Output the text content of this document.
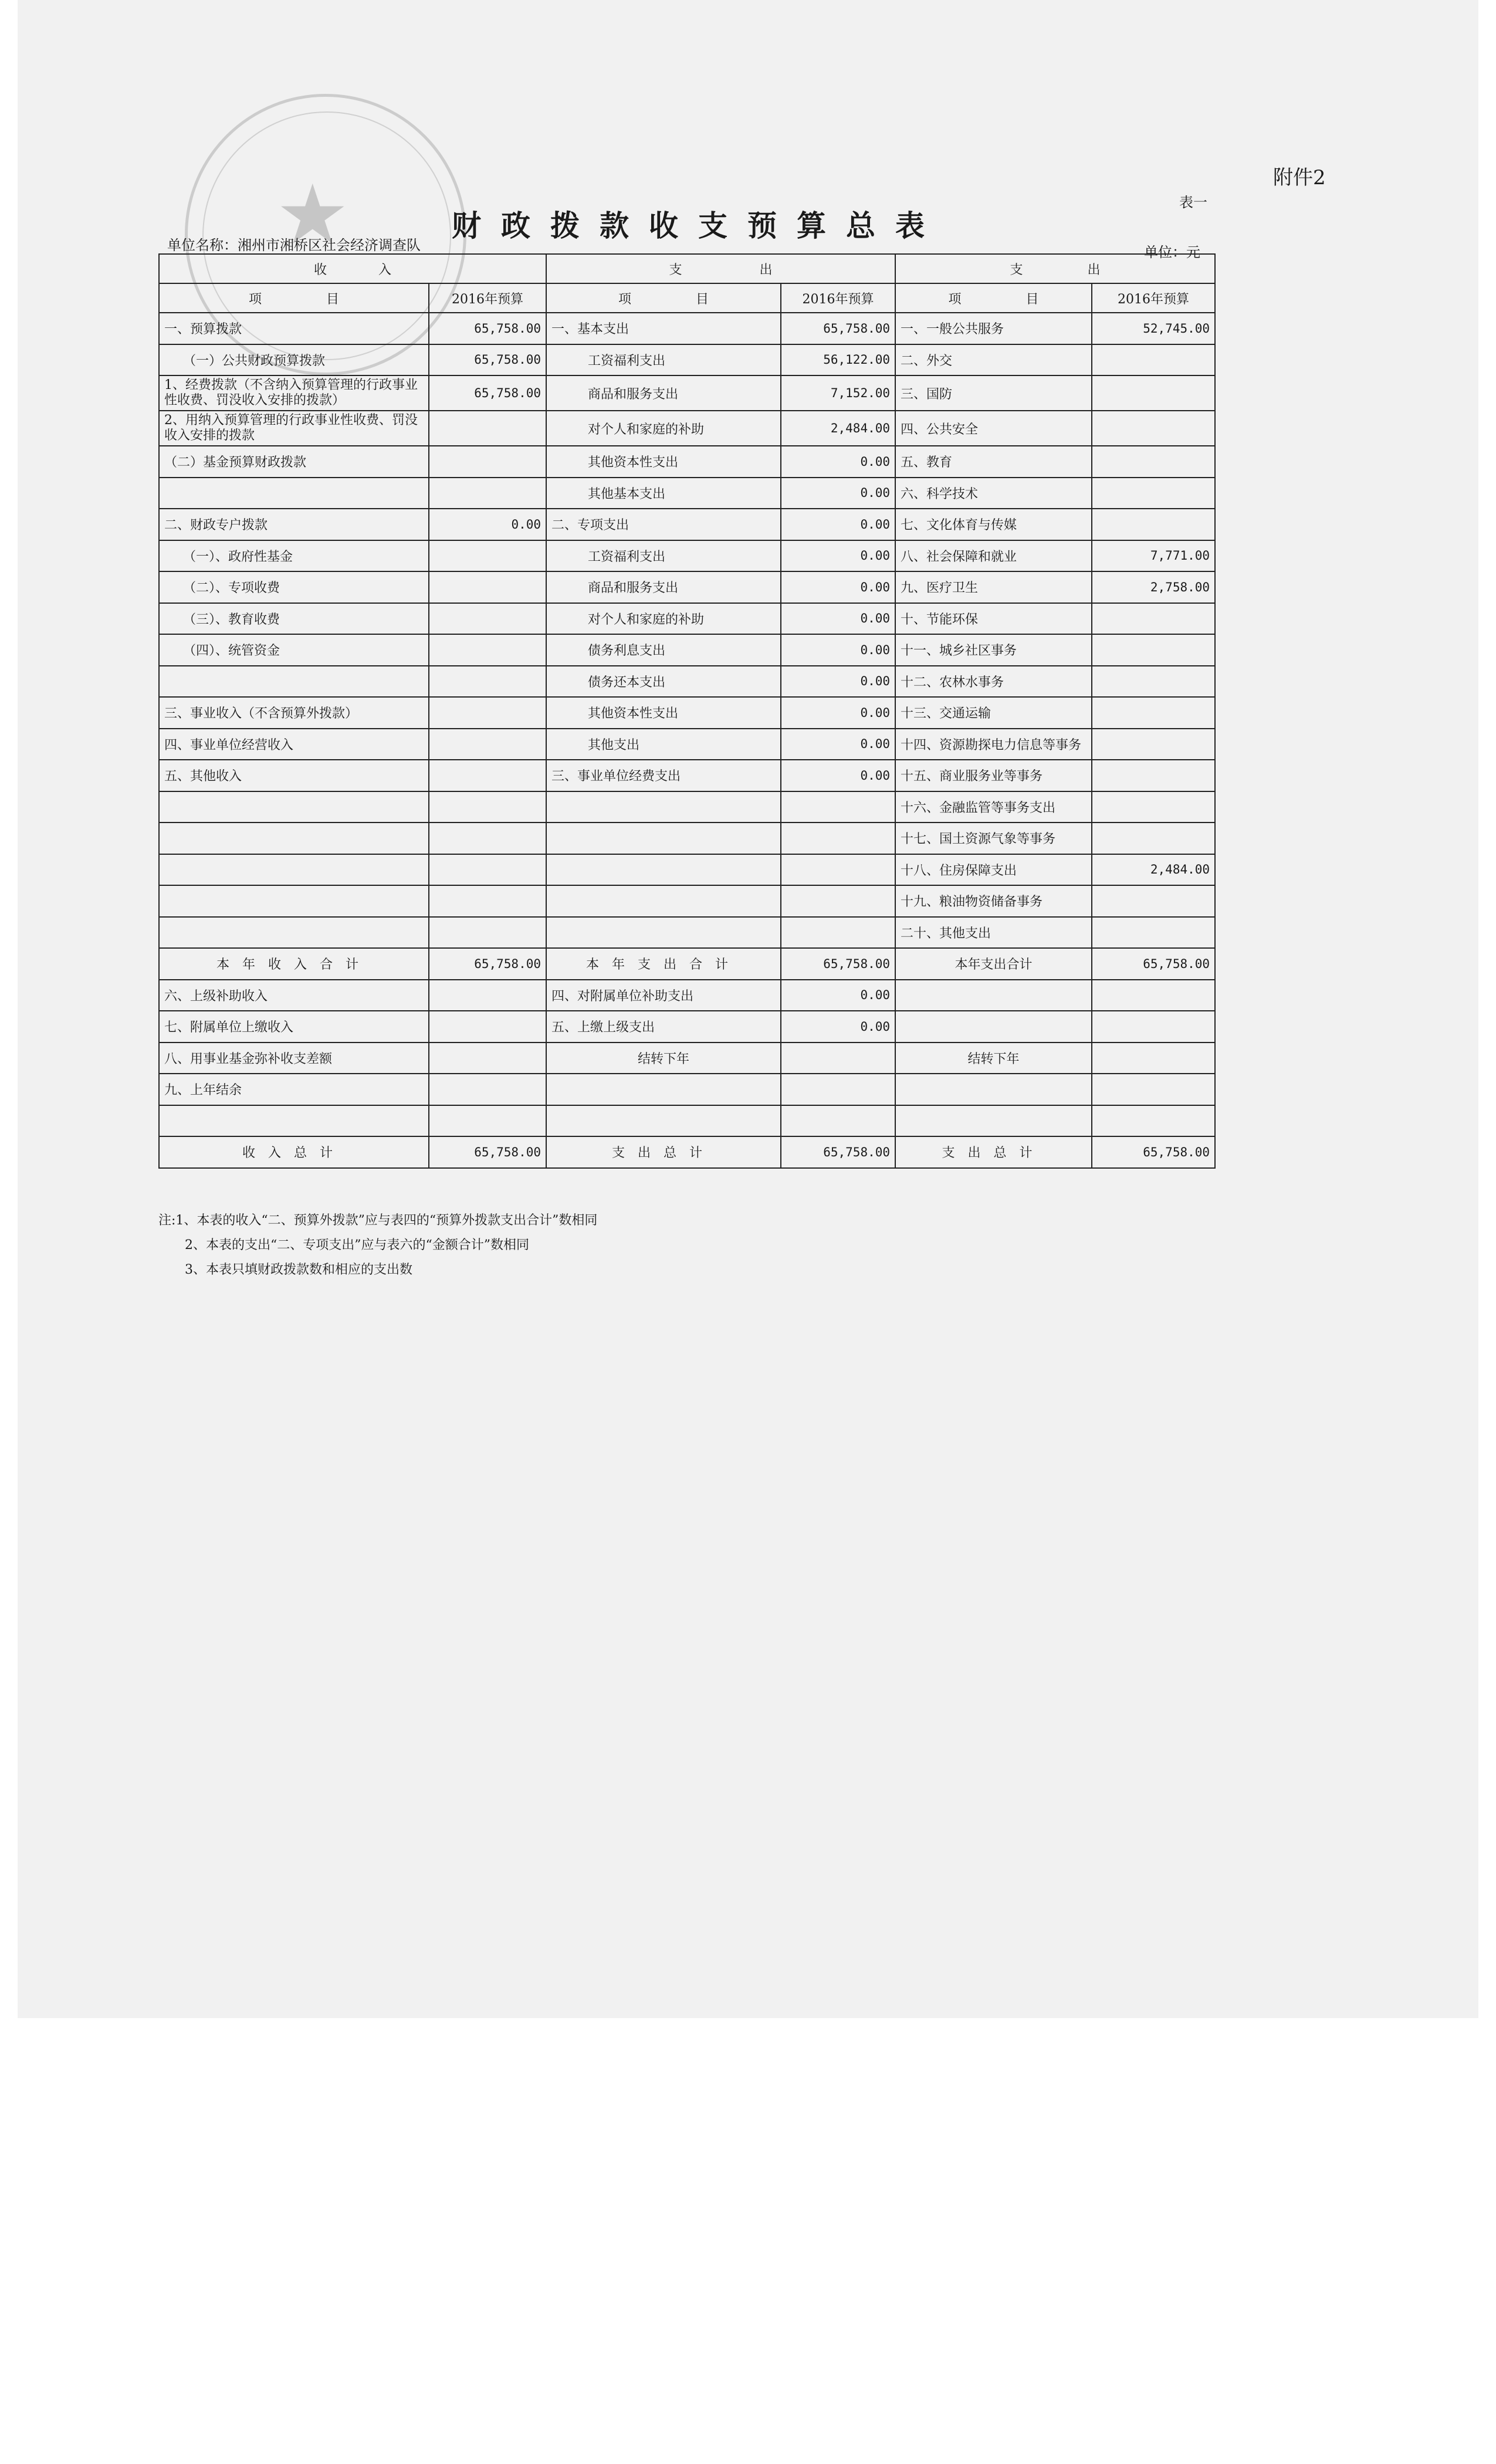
★	附件2
财政拨款收支预算总表
表一
单位名称：湘州市湘桥区社会经济调查队	单位：元
收　　　　入		支　　　　　　出		支　　　　　出	
项　　　　　目	2016年预算	项　　　　　目	2016年预算	项　　　　　目	2016年预算
一、预算拨款	65,758.00	一、基本支出	65,758.00	一、一般公共服务	52,745.00
（一）公共财政预算拨款	65,758.00	工资福利支出	56,122.00	二、外交	
1、经费拨款（不含纳入预算管理的行政事业性收费、罚没收入安排的拨款）	65,758.00	商品和服务支出	7,152.00	三、国防	
2、用纳入预算管理的行政事业性收费、罚没收入安排的拨款		对个人和家庭的补助	2,484.00	四、公共安全	
（二）基金预算财政拨款		其他资本性支出	0.00	五、教育	
		其他基本支出	0.00	六、科学技术	
二、财政专户拨款	0.00	二、专项支出	0.00	七、文化体育与传媒	
（一）、政府性基金		工资福利支出	0.00	八、社会保障和就业	7,771.00
（二）、专项收费		商品和服务支出	0.00	九、医疗卫生	2,758.00
（三）、教育收费		对个人和家庭的补助	0.00	十、节能环保	
（四）、统管资金		债务利息支出	0.00	十一、城乡社区事务	
		债务还本支出	0.00	十二、农林水事务	
三、事业收入（不含预算外拨款）		其他资本性支出	0.00	十三、交通运输	
四、事业单位经营收入		其他支出	0.00	十四、资源勘探电力信息等事务	
五、其他收入		三、事业单位经费支出	0.00	十五、商业服务业等事务	
				十六、金融监管等事务支出	
				十七、国土资源气象等事务	
				十八、住房保障支出	2,484.00
				十九、粮油物资储备事务	
				二十、其他支出	
本年收入合计	65,758.00	本年支出合计	65,758.00	本年支出合计	65,758.00
六、上级补助收入		四、对附属单位补助支出	0.00		
七、附属单位上缴收入		五、上缴上级支出	0.00		
八、用事业基金弥补收支差额		结转下年		结转下年	
九、上年结余					

收入总计	65,758.00	支出总计	65,758.00	支出总计	65,758.00
注:1、本表的收入“二、预算外拨款”应与表四的“预算外拨款支出合计”数相同
2、本表的支出“二、专项支出”应与表六的“金额合计”数相同
3、本表只填财政拨款数和相应的支出数
